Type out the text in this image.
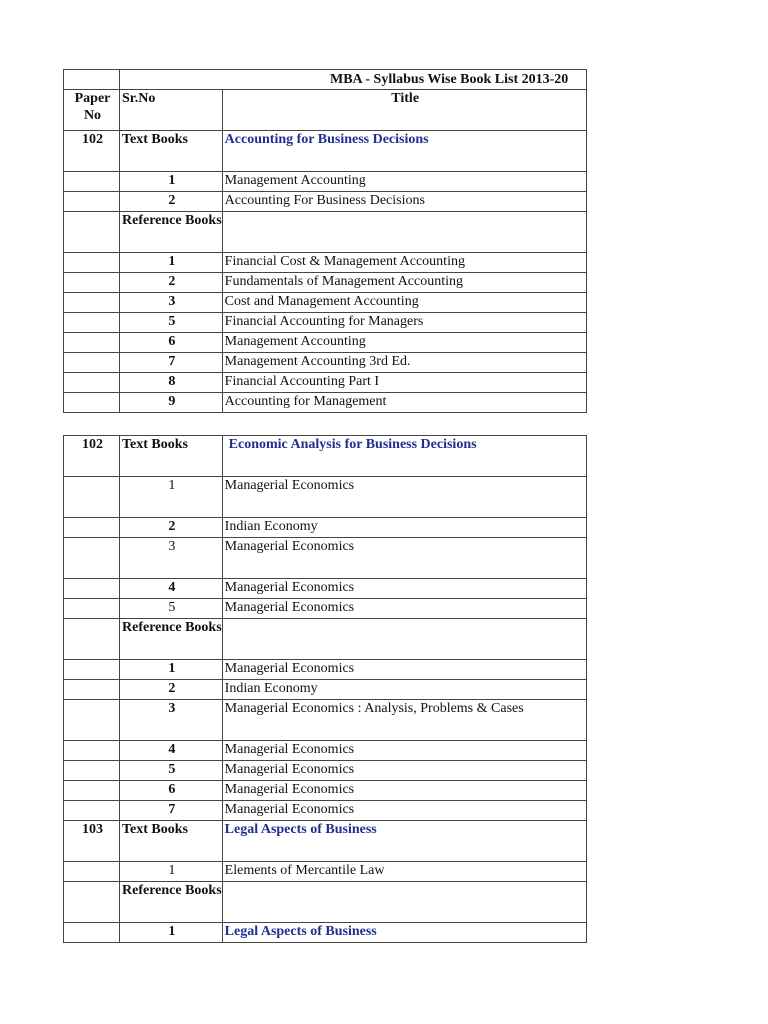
	MBA - Syllabus Wise Book List 2013-20	

Paper No	Sr.No	Title
102	Text Books	Accounting for Business Decisions
	1	Management Accounting
	2	Accounting For Business Decisions
	Reference Books	
	1	Financial Cost & Management Accounting
	2	Fundamentals of Management Accounting
	3	Cost and Management Accounting
	5	Financial Accounting for Managers
	6	Management Accounting
	7	Management Accounting 3rd Ed.
	8	Financial Accounting Part I
	9	Accounting for Management
102	Text Books	Economic Analysis for Business Decisions
	1	Managerial Economics
	2	Indian Economy
	3	Managerial Economics
	4	Managerial Economics
	5	Managerial Economics
	Reference Books	
	1	Managerial Economics
	2	Indian Economy
	3	Managerial Economics : Analysis, Problems & Cases
	4	Managerial Economics
	5	Managerial Economics
	6	Managerial Economics
	7	Managerial Economics
103	Text Books	Legal Aspects of Business
	1	Elements of Mercantile Law
	Reference Books	
	1	Legal Aspects of Business
